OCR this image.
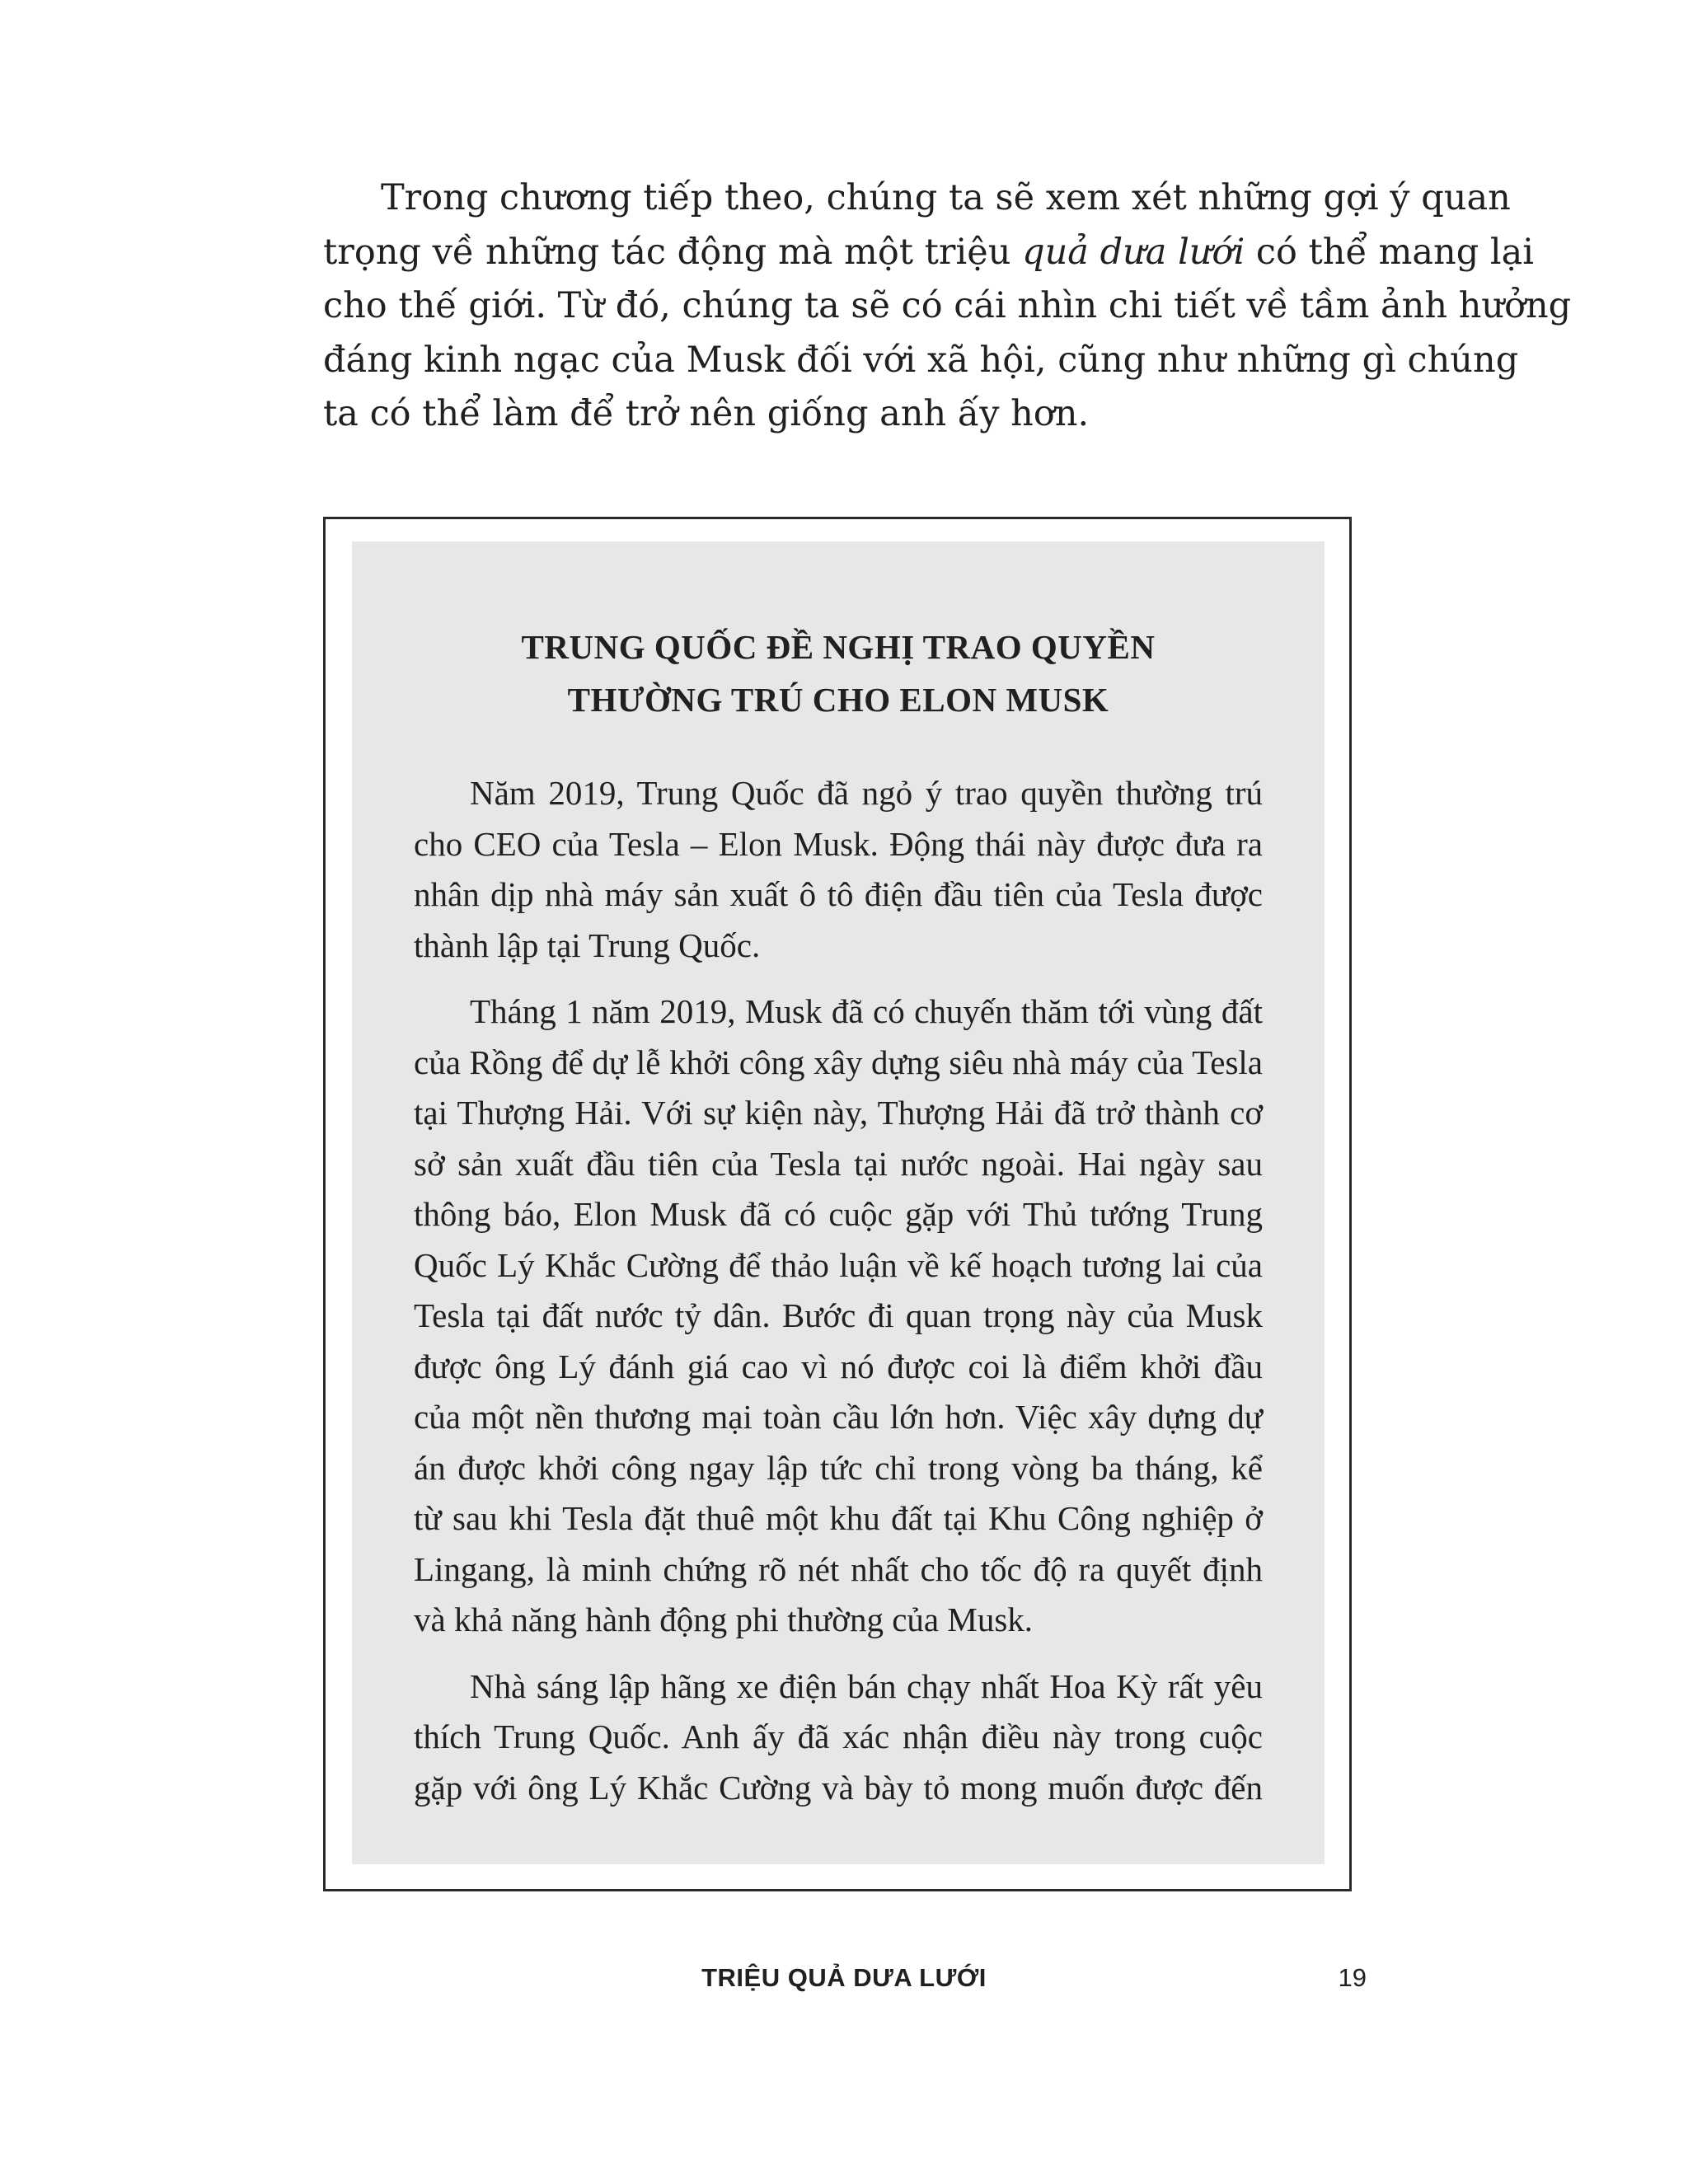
Trong chương tiếp theo, chúng ta sẽ xem xét những gợi ý quan
trọng về những tác động mà một triệu quả dưa lưới có thể mang lại
cho thế giới. Từ đó, chúng ta sẽ có cái nhìn chi tiết về tầm ảnh hưởng
đáng kinh ngạc của Musk đối với xã hội, cũng như những gì chúng
ta có thể làm để trở nên giống anh ấy hơn.
TRUNG QUỐC ĐỀ NGHỊ TRAO QUYỀN
THƯỜNG TRÚ CHO ELON MUSK

Năm 2019, Trung Quốc đã ngỏ ý trao quyền thường trú
cho CEO của Tesla – Elon Musk. Động thái này được đưa ra
nhân dịp nhà máy sản xuất ô tô điện đầu tiên của Tesla được
thành lập tại Trung Quốc.

Tháng 1 năm 2019, Musk đã có chuyến thăm tới vùng đất
của Rồng để dự lễ khởi công xây dựng siêu nhà máy của Tesla
tại Thượng Hải. Với sự kiện này, Thượng Hải đã trở thành cơ
sở sản xuất đầu tiên của Tesla tại nước ngoài. Hai ngày sau
thông báo, Elon Musk đã có cuộc gặp với Thủ tướng Trung
Quốc Lý Khắc Cường để thảo luận về kế hoạch tương lai của
Tesla tại đất nước tỷ dân. Bước đi quan trọng này của Musk
được ông Lý đánh giá cao vì nó được coi là điểm khởi đầu
của một nền thương mại toàn cầu lớn hơn. Việc xây dựng dự
án được khởi công ngay lập tức chỉ trong vòng ba tháng, kể
từ sau khi Tesla đặt thuê một khu đất tại Khu Công nghiệp ở
Lingang, là minh chứng rõ nét nhất cho tốc độ ra quyết định
và khả năng hành động phi thường của Musk.

Nhà sáng lập hãng xe điện bán chạy nhất Hoa Kỳ rất yêu
thích Trung Quốc. Anh ấy đã xác nhận điều này trong cuộc
gặp với ông Lý Khắc Cường và bày tỏ mong muốn được đến

TRIỆU QUẢ DƯA LƯỚI	19
